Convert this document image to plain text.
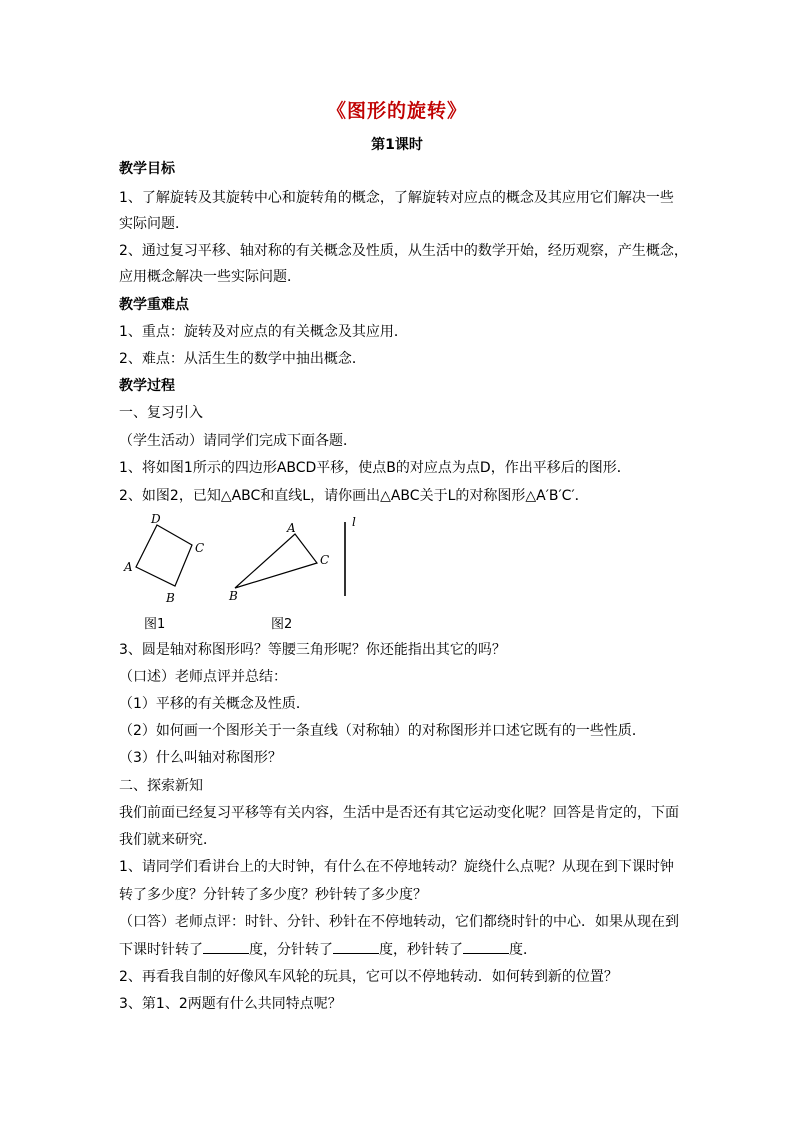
《图形的旋转》
第1课时
教学目标
1、了解旋转及其旋转中心和旋转角的概念，了解旋转对应点的概念及其应用它们解决一些
实际问题．
2、通过复习平移、轴对称的有关概念及性质，从生活中的数学开始，经历观察，产生概念，
应用概念解决一些实际问题．
教学重难点
1、重点：旋转及对应点的有关概念及其应用．
2、难点：从活生生的数学中抽出概念．
教学过程
一、复习引入
（学生活动）请同学们完成下面各题．
1、将如图1所示的四边形ABCD平移，使点B的对应点为点D，作出平移后的图形．
2、如图2，已知△ABC和直线L，请你画出△ABC关于L的对称图形△A′B′C′．
D
C
A
B
A
C
B
l
图1	图2
3、圆是轴对称图形吗？等腰三角形呢？你还能指出其它的吗？
（口述）老师点评并总结：
（1）平移的有关概念及性质．
（2）如何画一个图形关于一条直线（对称轴）的对称图形并口述它既有的一些性质．
（3）什么叫轴对称图形？
二、探索新知
我们前面已经复习平移等有关内容，生活中是否还有其它运动变化呢？回答是肯定的，下面
我们就来研究．
1、请同学们看讲台上的大时钟，有什么在不停地转动？旋绕什么点呢？从现在到下课时钟
转了多少度？分针转了多少度？秒针转了多少度？
（口答）老师点评：时针、分针、秒针在不停地转动，它们都绕时针的中心．如果从现在到
下课时针转了	度，分针转了	度，秒针转了	度．
2、再看我自制的好像风车风轮的玩具，它可以不停地转动．如何转到新的位置？
3、第1、2两题有什么共同特点呢？
